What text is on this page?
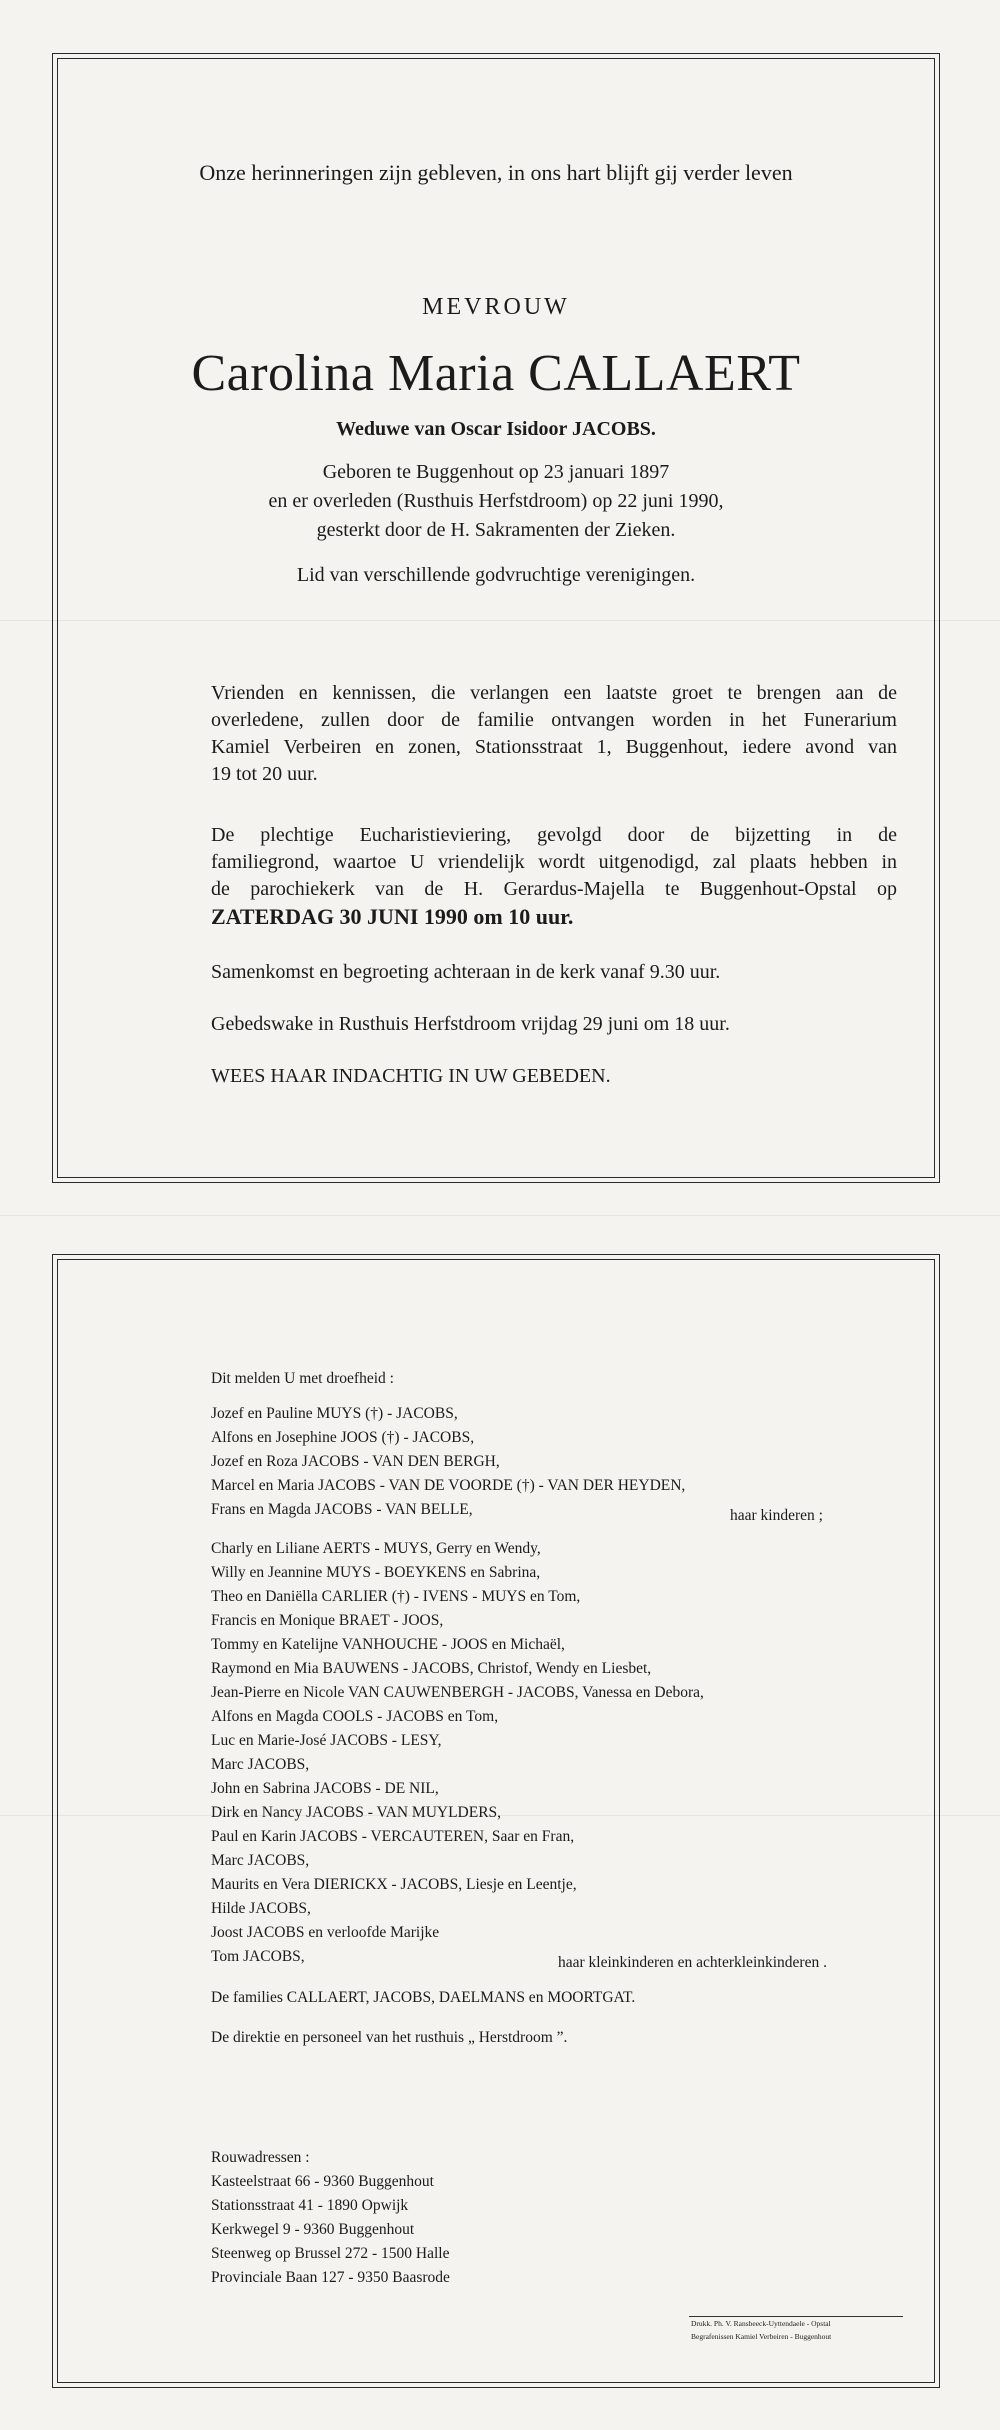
Onze herinneringen zijn gebleven, in ons hart blijft gij verder leven
MEVROUW
Carolina Maria CALLAERT
Weduwe van Oscar Isidoor JACOBS.
Geboren te Buggenhout op 23 januari 1897
en er overleden (Rusthuis Herfstdroom) op 22 juni 1990,
gesterkt door de H. Sakramenten der Zieken.
Lid van verschillende godvruchtige verenigingen.
Vrienden en kennissen, die verlangen een laatste groet te brengen aan de
overledene, zullen door de familie ontvangen worden in het Funerarium
Kamiel Verbeiren en zonen, Stationsstraat 1, Buggenhout, iedere avond van
19 tot 20 uur.
De plechtige Eucharistieviering, gevolgd door de bijzetting in de
familiegrond, waartoe U vriendelijk wordt uitgenodigd, zal plaats hebben in
de parochiekerk van de H. Gerardus-Majella te Buggenhout-Opstal op
ZATERDAG 30 JUNI 1990 om 10 uur.
Samenkomst en begroeting achteraan in de kerk vanaf 9.30 uur.
Gebedswake in Rusthuis Herfstdroom vrijdag 29 juni om 18 uur.
WEES HAAR INDACHTIG IN UW GEBEDEN.
Dit melden U met droefheid :
Jozef en Pauline MUYS (†) - JACOBS,
Alfons en Josephine JOOS (†) - JACOBS,
Jozef en Roza JACOBS - VAN DEN BERGH,
Marcel en Maria JACOBS - VAN DE VOORDE (†) - VAN DER HEYDEN,
Frans en Magda JACOBS - VAN BELLE,	haar kinderen ;
Charly en Liliane AERTS - MUYS, Gerry en Wendy,
Willy en Jeannine MUYS - BOEYKENS en Sabrina,
Theo en Daniëlla CARLIER (†) - IVENS - MUYS en Tom,
Francis en Monique BRAET - JOOS,
Tommy en Katelijne VANHOUCHE - JOOS en Michaël,
Raymond en Mia BAUWENS - JACOBS, Christof, Wendy en Liesbet,
Jean-Pierre en Nicole VAN CAUWENBERGH - JACOBS, Vanessa en Debora,
Alfons en Magda COOLS - JACOBS en Tom,
Luc en Marie-José JACOBS - LESY,
Marc JACOBS,
John en Sabrina JACOBS - DE NIL,
Dirk en Nancy JACOBS - VAN MUYLDERS,
Paul en Karin JACOBS - VERCAUTEREN, Saar en Fran,
Marc JACOBS,
Maurits en Vera DIERICKX - JACOBS, Liesje en Leentje,
Hilde JACOBS,
Joost JACOBS en verloofde Marijke
Tom JACOBS,	haar kleinkinderen en achterkleinkinderen .
De families CALLAERT, JACOBS, DAELMANS en MOORTGAT.
De direktie en personeel van het rusthuis „ Herstdroom ”.
Rouwadressen :
Kasteelstraat 66 - 9360 Buggenhout
Stationsstraat 41 - 1890 Opwijk
Kerkwegel 9 - 9360 Buggenhout
Steenweg op Brussel 272 - 1500 Halle
Provinciale Baan 127 - 9350 Baasrode
Drukk. Ph. V. Ransbeeck-Uyttendaele - Opstal
Begrafenissen Kamiel Verbeiren - Buggenhout
